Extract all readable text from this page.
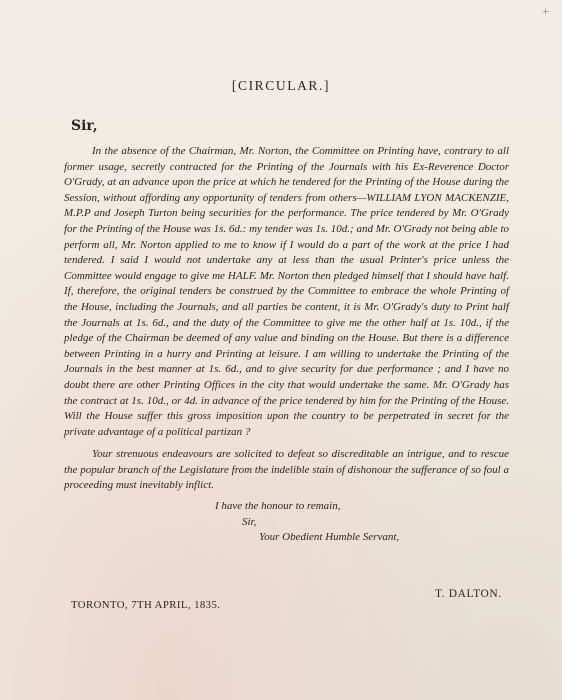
+
[CIRCULAR.]
Sir,

In the absence of the Chairman, Mr. Norton, the Committee on Printing have, contrary to all former usage, secretly contracted for the Printing of the Journals with his Ex-Reverence Doctor O'Grady, at an advance upon the price at which he tendered for the Printing of the House during the Session, without affording any opportunity of tenders from others—WILLIAM LYON MACKENZIE, M.P.P and Joseph Turton being securities for the performance. The price tendered by Mr. O'Grady for the Printing of the House was 1s. 6d.: my tender was 1s. 10d.; and Mr. O'Grady not being able to perform all, Mr. Norton applied to me to know if I would do a part of the work at the price I had tendered. I said I would not undertake any at less than the usual Printer's price unless the Committee would engage to give me HALF. Mr. Norton then pledged himself that I should have half. If, therefore, the original tenders be construed by the Committee to embrace the whole Printing of the House, including the Journals, and all parties be content, it is Mr. O'Grady's duty to Print half the Journals at 1s. 6d., and the duty of the Committee to give me the other half at 1s. 10d., if the pledge of the Chairman be deemed of any value and binding on the House. But there is a difference between Printing in a hurry and Printing at leisure. I am willing to undertake the Printing of the Journals in the best manner at 1s. 6d., and to give security for due performance ; and I have no doubt there are other Printing Offices in the city that would undertake the same. Mr. O'Grady has the contract at 1s. 10d., or 4d. in advance of the price tendered by him for the Printing of the House. Will the House suffer this gross imposition upon the country to be perpetrated in secret for the private advantage of a political partizan ?

Your strenuous endeavours are solicited to defeat so discreditable an intrigue, and to rescue the popular branch of the Legislature from the indelible stain of dishonour the sufferance of so foul a proceeding must inevitably inflict.

I have the honour to remain,

Sir,

Your Obedient Humble Servant,

T. DALTON.
TORONTO, 7TH APRIL, 1835.
